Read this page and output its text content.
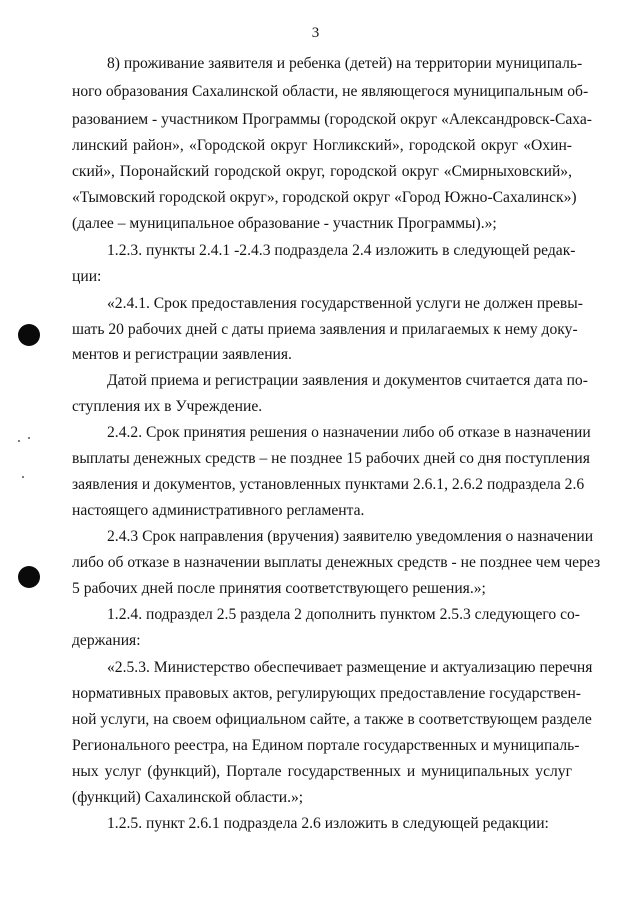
3
8) проживание заявителя и ребенка (детей) на территории муниципаль-
ного образования Сахалинской области, не являющегося муниципальным об-
разованием - участником Программы (городской округ «Александровск-Саха-
линский район», «Городской округ Ногликский», городской округ «Охин-
ский», Поронайский городской округ, городской округ «Смирныховский»,
«Тымовский городской округ», городской округ «Город Южно-Сахалинск»)
(далее – муниципальное образование - участник Программы).»;
1.2.3. пункты 2.4.1 -2.4.3 подраздела 2.4 изложить в следующей редак-
ции:
«2.4.1. Срок предоставления государственной услуги не должен превы-
шать 20 рабочих дней с даты приема заявления и прилагаемых к нему доку-
ментов и регистрации заявления.
Датой приема и регистрации заявления и документов считается дата по-
ступления их в Учреждение.
2.4.2. Срок принятия решения о назначении либо об отказе в назначении
выплаты денежных средств – не позднее 15 рабочих дней со дня поступления
заявления и документов, установленных пунктами 2.6.1, 2.6.2 подраздела 2.6
настоящего административного регламента.
2.4.3 Срок направления (вручения) заявителю уведомления о назначении
либо об отказе в назначении выплаты денежных средств - не позднее чем через
5 рабочих дней после принятия соответствующего решения.»;
1.2.4. подраздел 2.5 раздела 2 дополнить пунктом 2.5.3 следующего со-
держания:
«2.5.3. Министерство обеспечивает размещение и актуализацию перечня
нормативных правовых актов, регулирующих предоставление государствен-
ной услуги, на своем официальном сайте, а также в соответствующем разделе
Регионального реестра, на Едином портале государственных и муниципаль-
ных услуг (функций), Портале государственных и муниципальных услуг
(функций) Сахалинской области.»;
1.2.5. пункт 2.6.1 подраздела 2.6 изложить в следующей редакции:
